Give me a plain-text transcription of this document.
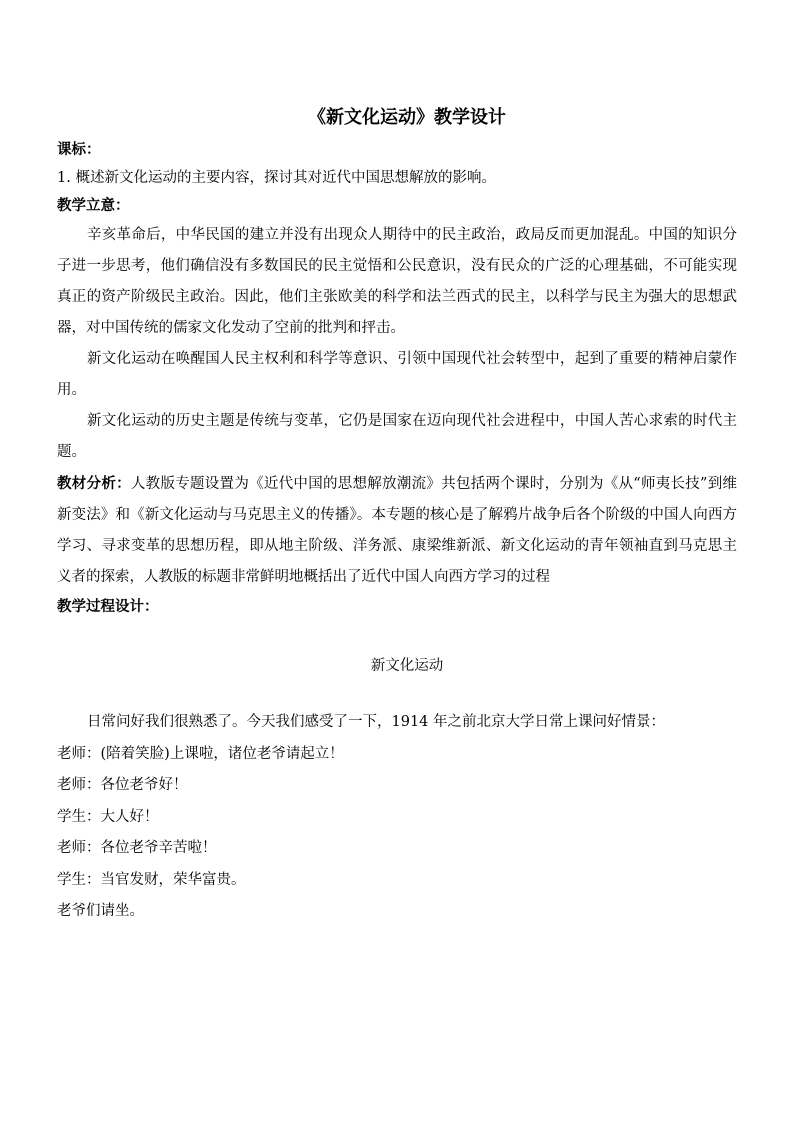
《新文化运动》教学设计

课标：

1. 概述新文化运动的主要内容，探讨其对近代中国思想解放的影响。

教学立意：

辛亥革命后，中华民国的建立并没有出现众人期待中的民主政治，政局反而更加混乱。中国的知识分子进一步思考，他们确信没有多数国民的民主觉悟和公民意识，没有民众的广泛的心理基础，不可能实现真正的资产阶级民主政治。因此，他们主张欧美的科学和法兰西式的民主，以科学与民主为强大的思想武器，对中国传统的儒家文化发动了空前的批判和抨击。

新文化运动在唤醒国人民主权利和科学等意识、引领中国现代社会转型中，起到了重要的精神启蒙作用。

新文化运动的历史主题是传统与变革，它仍是国家在迈向现代社会进程中，中国人苦心求索的时代主题。

教材分析：人教版专题设置为《近代中国的思想解放潮流》共包括两个课时，分别为《从“师夷长技”到维新变法》和《新文化运动与马克思主义的传播》。本专题的核心是了解鸦片战争后各个阶级的中国人向西方学习、寻求变革的思想历程，即从地主阶级、洋务派、康梁维新派、新文化运动的青年领袖直到马克思主义者的探索，人教版的标题非常鲜明地概括出了近代中国人向西方学习的过程

教学过程设计：

新文化运动

日常问好我们很熟悉了。今天我们感受了一下，1914 年之前北京大学日常上课问好情景：

老师：(陪着笑脸)上课啦，诸位老爷请起立！

老师：各位老爷好！

学生：大人好！

老师：各位老爷辛苦啦！

学生：当官发财，荣华富贵。

老爷们请坐。
